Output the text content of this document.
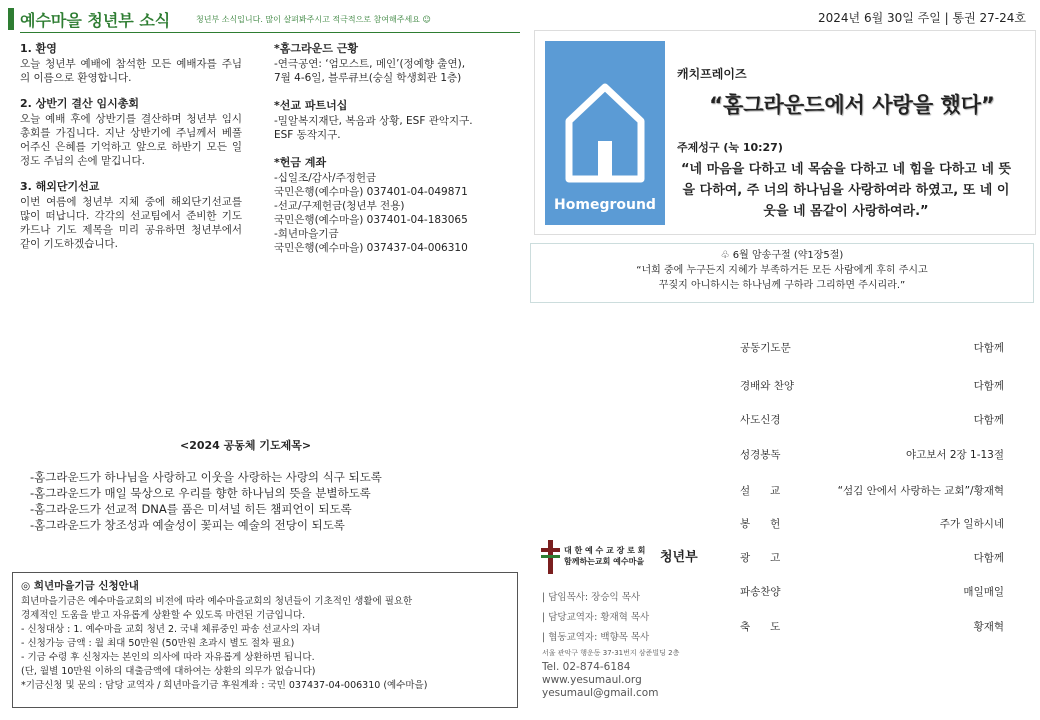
예수마을 청년부 소식	청년부 소식입니다. 많이 살펴봐주시고 적극적으로 참여해주세요 ☺	2024년 6월 30일 주일 | 통권 27-24호
1. 환영

오늘 청년부 예배에 참석한 모든 예배자를 주님의 이름으로 환영합니다.

2. 상반기 결산 임시총회

오늘 예배 후에 상반기를 결산하며 청년부 임시총회를 가집니다. 지난 상반기에 주님께서 베풀어주신 은혜를 기억하고 앞으로 하반기 모든 일정도 주님의 손에 맡깁니다.

3. 해외단기선교

이번 여름에 청년부 지체 중에 해외단기선교를 많이 떠납니다. 각각의 선교팀에서 준비한 기도 카드나 기도 제목을 미리 공유하면 청년부에서 같이 기도하겠습니다.

*홈그라운드 근황
-연극공연: ‘엄모스트, 메인’(정예향 출연),
7월 4-6일, 블루큐브(숭실 학생회관 1층)
*선교 파트너십
-밀알복지재단, 복음과 상황, ESF 관악지구.
ESF 동작지구.
*헌금 계좌
-십일조/감사/주정헌금
국민은행(예수마을) 037401-04-049871
-선교/구제헌금(청년부 전용)
국민은행(예수마을) 037401-04-183065
-희년마을기금
국민은행(예수마을) 037437-04-006310
Homeground
캐치프레이즈
“홈그라운드에서 사랑을 했다”
주제성구 (눅 10:27)
“네 마음을 다하고 네 목숨을 다하고 네 힘을 다하고 네 뜻을 다하여, 주 너의 하나님을 사랑하여라 하였고, 또 네 이웃을 네 몸같이 사랑하여라.”
♧ 6월 암송구절 (약1장5절)
“너희 중에 누구든지 지혜가 부족하거든 모든 사람에게 후히 주시고
꾸짖지 아니하시는 하나님께 구하라 그리하면 주시리라.”
<2024 공동체 기도제목>
-홈그라운드가 하나님을 사랑하고 이웃을 사랑하는 사랑의 식구 되도록
-홈그라운드가 매일 묵상으로 우리를 향한 하나님의 뜻을 분별하도록
-홈그라운드가 선교적 DNA를 품은 미셔널 히든 챔피언이 되도록
-홈그라운드가 창조성과 예술성이 꽃피는 예술의 전당이 되도록
◎ 희년마을기금 신청안내
희년마을기금은 예수마을교회의 비전에 따라 예수마을교회의 청년들이 기초적인 생활에 필요한
경제적인 도움을 받고 자유롭게 상환할 수 있도록 마련된 기금입니다.
- 신청대상 : 1. 예수마을 교회 청년 2. 국내 체류중인 파송 선교사의 자녀
- 신청가능 금액 : 월 최대 50만원 (50만원 초과시 별도 절차 필요)
- 기금 수령 후 신청자는 본인의 의사에 따라 자유롭게 상환하면 됩니다.
(단, 월별 10만원 이하의 대출금액에 대하여는 상환의 의무가 없습니다)
*기금신청 및 문의 : 담당 교역자 / 희년마을기금 후원계좌 : 국민 037437-04-006310 (예수마을)
공동기도문	다함께
경배와 찬양	다함께
사도신경	다함께
성경봉독	야고보서 2장 1-13절
설      교	“섬김 안에서 사랑하는 교회”/황재혁
봉      헌	주가 일하시네
광      고	다함께
파송찬양	매일매일
축      도	황재혁
대 한 예 수 교 장 로 회
함께하는교회 예수마을 청년부
| 담임목사: 장승익 목사
| 담당교역자: 황재혁 목사
| 협동교역자: 백향목 목사
서울 관악구 행운동 37-31번지 삼준빌딩 2층
Tel. 02-874-6184
www.yesumaul.org
yesumaul@gmail.com
